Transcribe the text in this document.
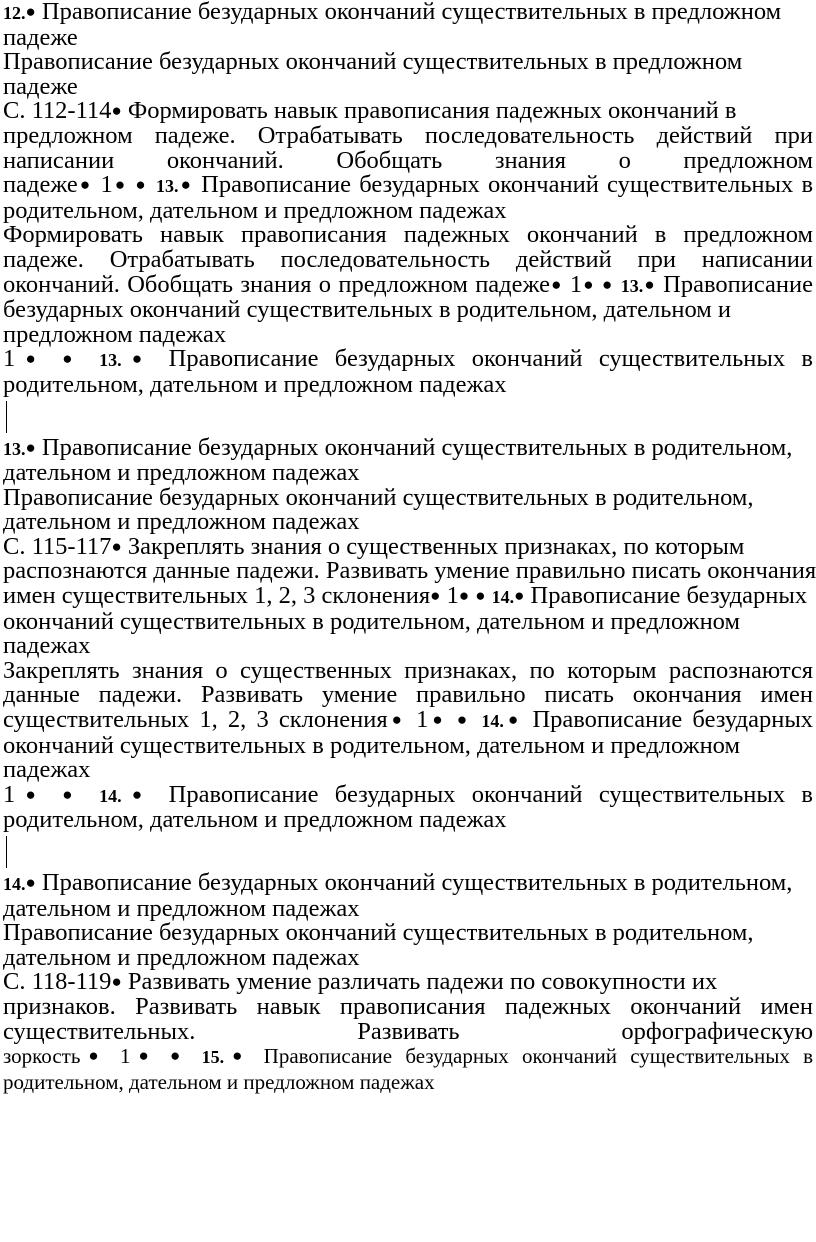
12.● Правописание безударных окончаний существительных в предложном

падеже

Правописание безударных окончаний существительных в предложном

падеже

С. 112-114● Формировать навык правописания падежных окончаний в

предложном падеже. Отрабатывать последовательность действий при

написании окончаний. Обобщать знания о предложном

падеже● 1● ● 13.● Правописание безударных окончаний существительных в

родительном, дательном и предложном падежах

Формировать навык правописания падежных окончаний в предложном

падеже. Отрабатывать последовательность действий при написании

окончаний. Обобщать знания о предложном падеже● 1● ● 13.● Правописание

безударных окончаний существительных в родительном, дательном и

предложном падежах

1● ● 13.● Правописание безударных окончаний существительных в

родительном, дательном и предложном падежах

13.● Правописание безударных окончаний существительных в родительном,

дательном и предложном падежах

Правописание безударных окончаний существительных в родительном,

дательном и предложном падежах

С. 115-117● Закреплять знания о существенных признаках, по которым

распознаются данные падежи. Развивать умение правильно писать окончания

имен существительных 1, 2, 3 склонения● 1● ● 14.● Правописание безударных

окончаний существительных в родительном, дательном и предложном

падежах

Закреплять знания о существенных признаках, по которым распознаются

данные падежи. Развивать умение правильно писать окончания имен

существительных 1, 2, 3 склонения● 1● ● 14.● Правописание безударных

окончаний существительных в родительном, дательном и предложном

падежах

1● ● 14.● Правописание безударных окончаний существительных в

родительном, дательном и предложном падежах

14.● Правописание безударных окончаний существительных в родительном,

дательном и предложном падежах

Правописание безударных окончаний существительных в родительном,

дательном и предложном падежах

С. 118-119● Развивать умение различать падежи по совокупности их

признаков. Развивать навык правописания падежных окончаний имен

существительных. Развивать орфографическую

зоркость● 1● ● 15.● Правописание безударных окончаний существительных в

родительном, дательном и предложном падежах
